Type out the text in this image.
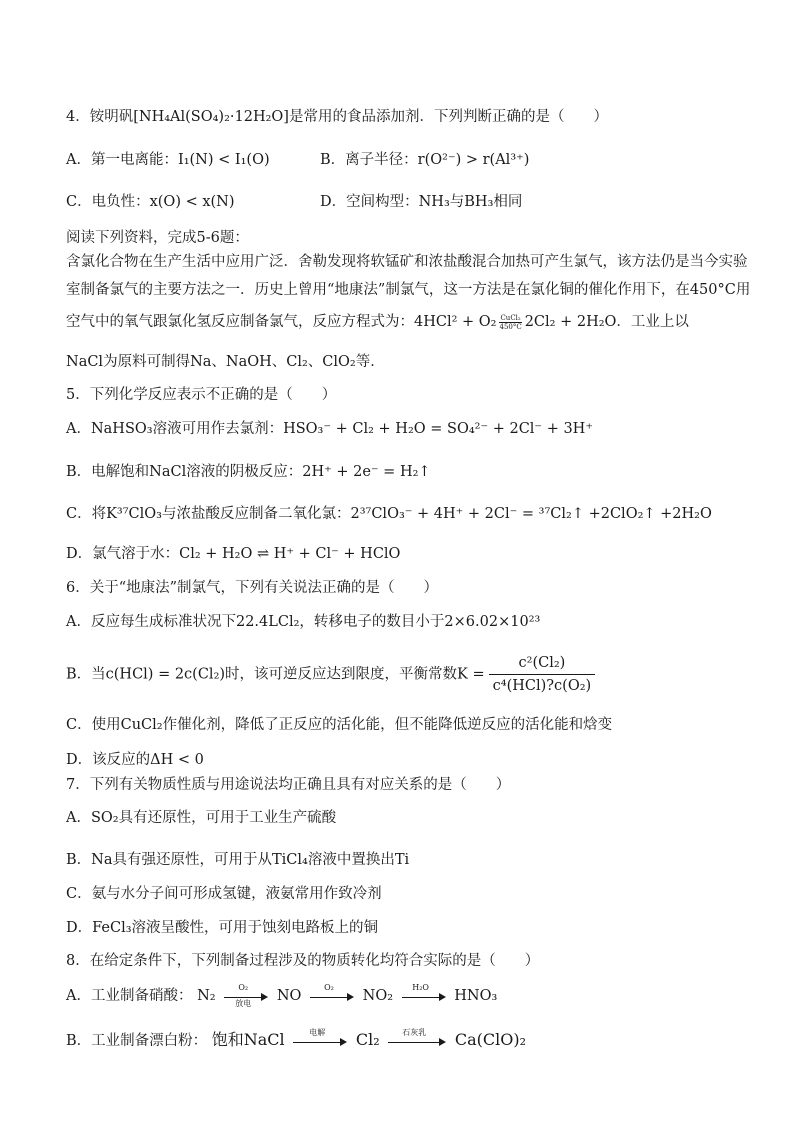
4．铵明矾[NH₄Al(SO₄)₂·12H₂O]是常用的食品添加剂．下列判断正确的是（　　）
A．第一电离能：I₁(N) < I₁(O)	B．离子半径：r(O²⁻) > r(Al³⁺)
C．电负性：x(O) < x(N)	D．空间构型：NH₃与BH₃相同
阅读下列资料，完成5-6题：
含氯化合物在生产生活中应用广泛．舍勒发现将软锰矿和浓盐酸混合加热可产生氯气，该方法仍是当今实验
室制备氯气的主要方法之一．历史上曾用“地康法”制氯气，这一方法是在氯化铜的催化作用下，在450°C用
空气中的氧气跟氯化氢反应制备氯气，反应方程式为：4HCl² + O₂ CuCl₂
450°C 2Cl₂ + 2H₂O．工业上以
NaCl为原料可制得Na、NaOH、Cl₂、ClO₂等．
5．下列化学反应表示不正确的是（　　）
A．NaHSO₃溶液可用作去氯剂：HSO₃⁻ + Cl₂ + H₂O = SO₄²⁻ + 2Cl⁻ + 3H⁺
B．电解饱和NaCl溶液的阴极反应：2H⁺ + 2e⁻ = H₂↑
C．将K³⁷ClO₃与浓盐酸反应制备二氧化氯：2³⁷ClO₃⁻ + 4H⁺ + 2Cl⁻ = ³⁷Cl₂↑ +2ClO₂↑ +2H₂O
D．氯气溶于水：Cl₂ + H₂O ⇌ H⁺ + Cl⁻ + HClO
6．关于“地康法”制氯气，下列有关说法正确的是（　　）
A．反应每生成标准状况下22.4LCl₂，转移电子的数目小于2×6.02×10²³
B．当c(HCl) = 2c(Cl₂)时，该可逆反应达到限度，平衡常数$K = \frac{\text{c²(Cl₂)}}{\text{c⁴(HCl)?c(O₂)}}$
C．使用CuCl₂作催化剂，降低了正反应的活化能，但不能降低逆反应的活化能和焓变
D．该反应的ΔH < 0
7．下列有关物质性质与用途说法均正确且具有对应关系的是（　　）
A．SO₂具有还原性，可用于工业生产硫酸
B．Na具有强还原性，可用于从TiCl₄溶液中置换出Ti
C．氨与水分子间可形成氢键，液氨常用作致冷剂
D．FeCl₃溶液呈酸性，可用于蚀刻电路板上的铜
8．在给定条件下，下列制备过程涉及的物质转化均符合实际的是（　　）
A．工业制备硝酸： N₂
O₂
放电	NO
O₂
NO₂
H₂O
HNO₃
B．工业制备漂白粉： 饱和NaCl	电解	Cl₂	石灰乳	Ca(ClO)₂
